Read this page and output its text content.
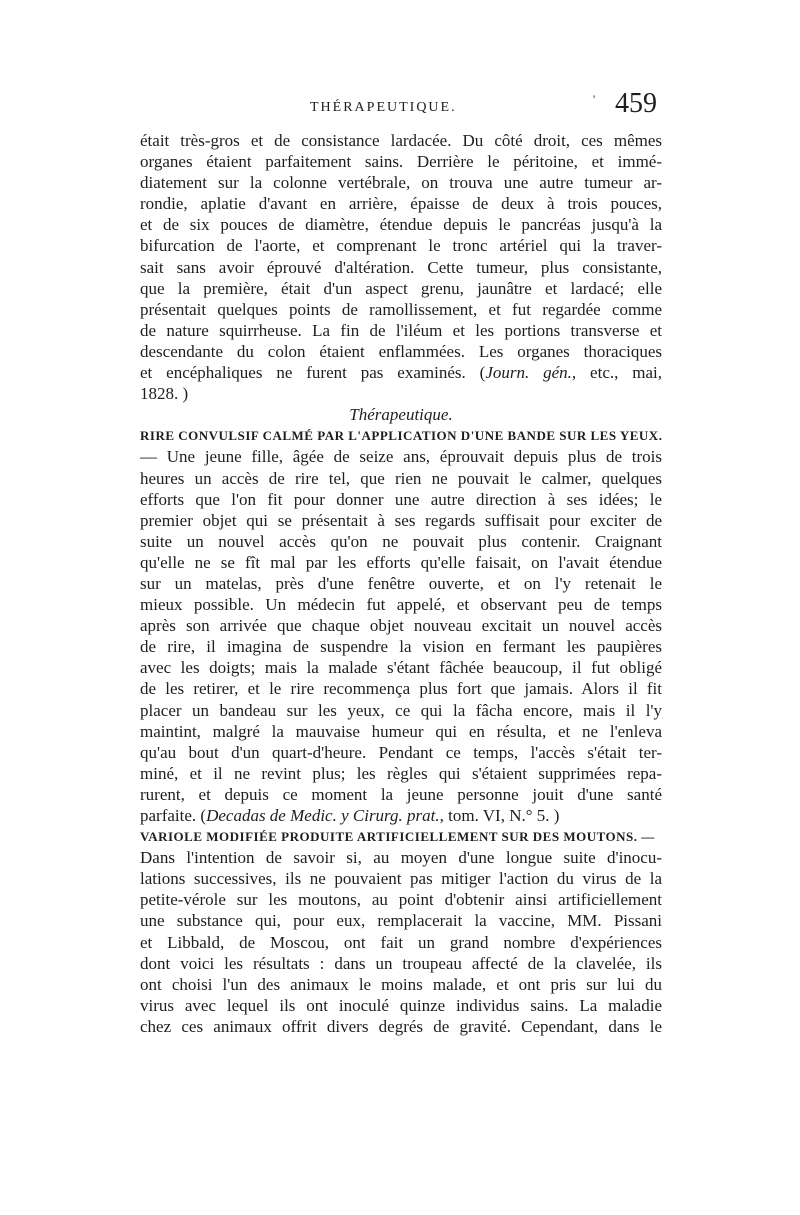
THÉRAPEUTIQUE.
' 459
était très-gros et de consistance lardacée. Du côté droit, ces mêmes
organes étaient parfaitement sains. Derrière le péritoine, et immé-
diatement sur la colonne vertébrale, on trouva une autre tumeur ar-
rondie, aplatie d'avant en arrière, épaisse de deux à trois pouces,
et de six pouces de diamètre, étendue depuis le pancréas jusqu'à la
bifurcation de l'aorte, et comprenant le tronc artériel qui la traver-
sait sans avoir éprouvé d'altération. Cette tumeur, plus consistante,
que la première, était d'un aspect grenu, jaunâtre et lardacé; elle
présentait quelques points de ramollissement, et fut regardée comme
de nature squirrheuse. La fin de l'iléum et les portions transverse et
descendante du colon étaient enflammées. Les organes thoraciques
et encéphaliques ne furent pas examinés. (Journ. gén., etc., mai,
1828. )
Thérapeutique.
RIRE CONVULSIF CALMÉ PAR L'APPLICATION D'UNE BANDE SUR LES YEUX.
— Une jeune fille, âgée de seize ans, éprouvait depuis plus de trois
heures un accès de rire tel, que rien ne pouvait le calmer, quelques
efforts que l'on fit pour donner une autre direction à ses idées; le
premier objet qui se présentait à ses regards suffisait pour exciter de
suite un nouvel accès qu'on ne pouvait plus contenir. Craignant
qu'elle ne se fît mal par les efforts qu'elle faisait, on l'avait étendue
sur un matelas, près d'une fenêtre ouverte, et on l'y retenait le
mieux possible. Un médecin fut appelé, et observant peu de temps
après son arrivée que chaque objet nouveau excitait un nouvel accès
de rire, il imagina de suspendre la vision en fermant les paupières
avec les doigts; mais la malade s'étant fâchée beaucoup, il fut obligé
de les retirer, et le rire recommença plus fort que jamais. Alors il fit
placer un bandeau sur les yeux, ce qui la fâcha encore, mais il l'y
maintint, malgré la mauvaise humeur qui en résulta, et ne l'enleva
qu'au bout d'un quart-d'heure. Pendant ce temps, l'accès s'était ter-
miné, et il ne revint plus; les règles qui s'étaient supprimées repa-
rurent, et depuis ce moment la jeune personne jouit d'une santé
parfaite. (Decadas de Medic. y Cirurg. prat., tom. VI, N.° 5. )
VARIOLE MODIFIÉE PRODUITE ARTIFICIELLEMENT SUR DES MOUTONS. —
Dans l'intention de savoir si, au moyen d'une longue suite d'inocu-
lations successives, ils ne pouvaient pas mitiger l'action du virus de la
petite-vérole sur les moutons, au point d'obtenir ainsi artificiellement
une substance qui, pour eux, remplacerait la vaccine, MM. Pissani
et Libbald, de Moscou, ont fait un grand nombre d'expériences
dont voici les résultats : dans un troupeau affecté de la clavelée, ils
ont choisi l'un des animaux le moins malade, et ont pris sur lui du
virus avec lequel ils ont inoculé quinze individus sains. La maladie
chez ces animaux offrit divers degrés de gravité. Cependant, dans le
